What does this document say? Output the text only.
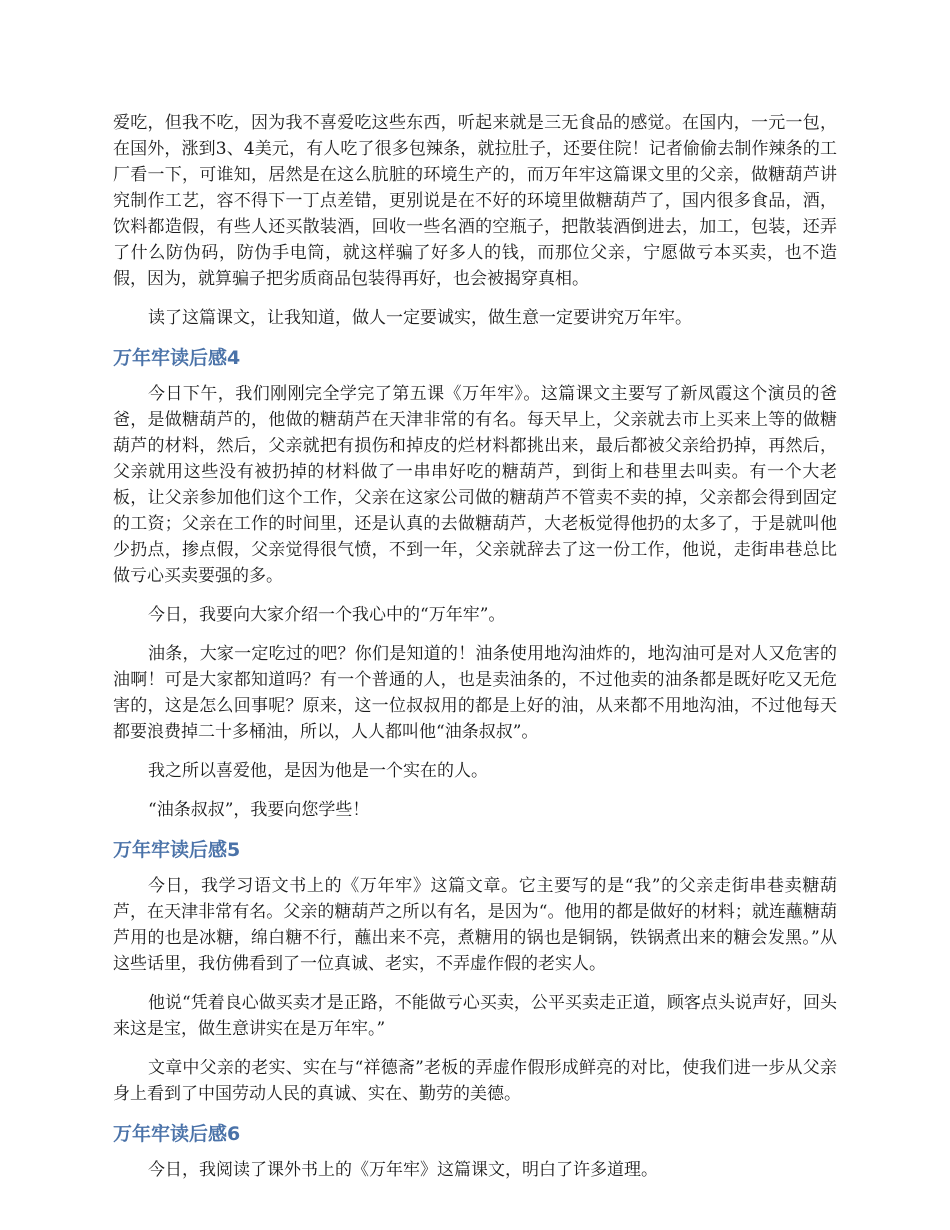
爱吃，但我不吃，因为我不喜爱吃这些东西，听起来就是三无食品的感觉。在国内，一元一包，在国外，涨到3、4美元，有人吃了很多包辣条，就拉肚子，还要住院！记者偷偷去制作辣条的工厂看一下，可谁知，居然是在这么肮脏的环境生产的，而万年牢这篇课文里的父亲，做糖葫芦讲究制作工艺，容不得下一丁点差错，更别说是在不好的环境里做糖葫芦了，国内很多食品，酒，饮料都造假，有些人还买散装酒，回收一些名酒的空瓶子，把散装酒倒进去，加工，包装，还弄了什么防伪码，防伪手电筒，就这样骗了好多人的钱，而那位父亲，宁愿做亏本买卖，也不造假，因为，就算骗子把劣质商品包装得再好，也会被揭穿真相。

读了这篇课文，让我知道，做人一定要诚实，做生意一定要讲究万年牢。

万年牢读后感4

今日下午，我们刚刚完全学完了第五课《万年牢》。这篇课文主要写了新凤霞这个演员的爸爸，是做糖葫芦的，他做的糖葫芦在天津非常的有名。每天早上，父亲就去市上买来上等的做糖葫芦的材料，然后，父亲就把有损伤和掉皮的烂材料都挑出来，最后都被父亲给扔掉，再然后，父亲就用这些没有被扔掉的材料做了一串串好吃的糖葫芦，到街上和巷里去叫卖。有一个大老板，让父亲参加他们这个工作，父亲在这家公司做的糖葫芦不管卖不卖的掉，父亲都会得到固定的工资；父亲在工作的时间里，还是认真的去做糖葫芦，大老板觉得他扔的太多了，于是就叫他少扔点，掺点假，父亲觉得很气愤，不到一年，父亲就辞去了这一份工作，他说，走街串巷总比做亏心买卖要强的多。

今日，我要向大家介绍一个我心中的“万年牢”。

油条，大家一定吃过的吧？你们是知道的！油条使用地沟油炸的，地沟油可是对人又危害的油啊！可是大家都知道吗？有一个普通的人，也是卖油条的，不过他卖的油条都是既好吃又无危害的，这是怎么回事呢？原来，这一位叔叔用的都是上好的油，从来都不用地沟油，不过他每天都要浪费掉二十多桶油，所以，人人都叫他“油条叔叔”。

我之所以喜爱他，是因为他是一个实在的人。

“油条叔叔”，我要向您学些！

万年牢读后感5

今日，我学习语文书上的《万年牢》这篇文章。它主要写的是“我”的父亲走街串巷卖糖葫芦，在天津非常有名。父亲的糖葫芦之所以有名，是因为“。他用的都是做好的材料；就连蘸糖葫芦用的也是冰糖，绵白糖不行，蘸出来不亮，煮糖用的锅也是铜锅，铁锅煮出来的糖会发黑。”从这些话里，我仿佛看到了一位真诚、老实，不弄虚作假的老实人。

他说“凭着良心做买卖才是正路，不能做亏心买卖，公平买卖走正道，顾客点头说声好，回头来这是宝，做生意讲实在是万年牢。”

文章中父亲的老实、实在与“祥德斋”老板的弄虚作假形成鲜亮的对比，使我们进一步从父亲身上看到了中国劳动人民的真诚、实在、勤劳的美德。

万年牢读后感6

今日，我阅读了课外书上的《万年牢》这篇课文，明白了许多道理。
